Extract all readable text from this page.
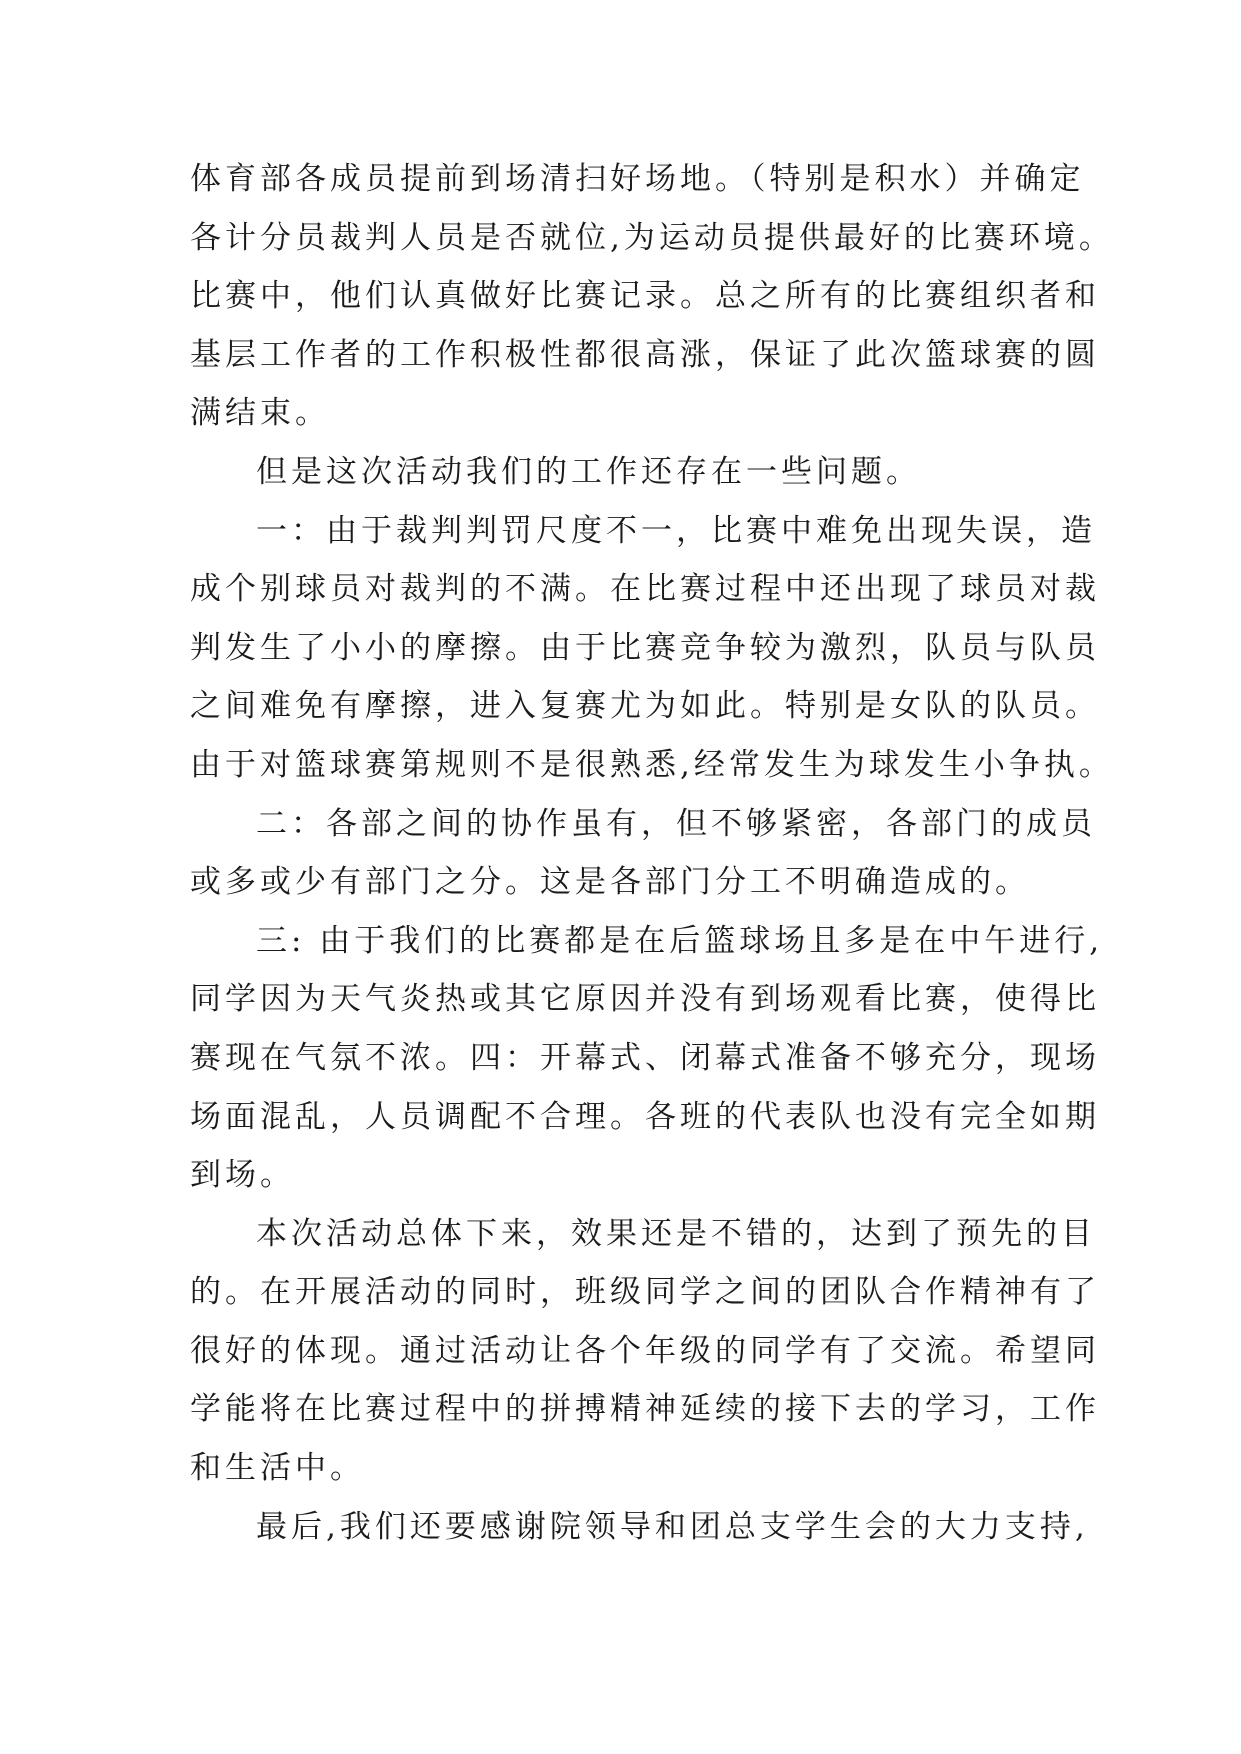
体育部各成员提前到场清扫好场地。（特别是积水）并确定
各计分员裁判人员是否就位,为运动员提供最好的比赛环境。
比赛中，他们认真做好比赛记录。总之所有的比赛组织者和
基层工作者的工作积极性都很高涨，保证了此次篮球赛的圆
满结束。
但是这次活动我们的工作还存在一些问题。
一：由于裁判判罚尺度不一，比赛中难免出现失误，造
成个别球员对裁判的不满。在比赛过程中还出现了球员对裁
判发生了小小的摩擦。由于比赛竞争较为激烈，队员与队员
之间难免有摩擦，进入复赛尤为如此。特别是女队的队员。
由于对篮球赛第规则不是很熟悉,经常发生为球发生小争执。
二：各部之间的协作虽有，但不够紧密，各部门的成员
或多或少有部门之分。这是各部门分工不明确造成的。
三: 由于我们的比赛都是在后篮球场且多是在中午进行,
同学因为天气炎热或其它原因并没有到场观看比赛，使得比
赛现在气氛不浓。四：开幕式、闭幕式准备不够充分，现场
场面混乱，人员调配不合理。各班的代表队也没有完全如期
到场。
本次活动总体下来，效果还是不错的，达到了预先的目
的。在开展活动的同时，班级同学之间的团队合作精神有了
很好的体现。通过活动让各个年级的同学有了交流。希望同
学能将在比赛过程中的拼搏精神延续的接下去的学习，工作
和生活中。
最后,我们还要感谢院领导和团总支学生会的大力支持,
